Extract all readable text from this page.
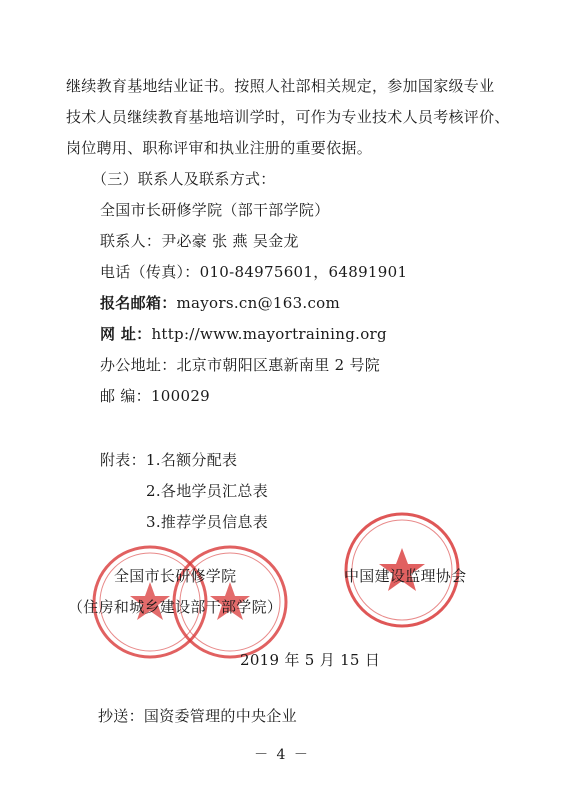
继续教育基地结业证书。按照人社部相关规定，参加国家级专业
技术人员继续教育基地培训学时，可作为专业技术人员考核评价、
岗位聘用、职称评审和执业注册的重要依据。
（三）联系人及联系方式：
全国市长研修学院（部干部学院）
联系人：尹必豪 张 燕 吴金龙
电话（传真）：010-84975601，64891901
报名邮箱：mayors.cn@163.com
网 址：http://www.mayortraining.org
办公地址：北京市朝阳区惠新南里 2 号院
邮 编：100029
附表：1.名额分配表
2.各地学员汇总表
3.推荐学员信息表
全国市长研修学院
（住房和城乡建设部干部学院）
中国建设监理协会
2019 年 5 月 15 日
抄送：国资委管理的中央企业
－ 4 －
